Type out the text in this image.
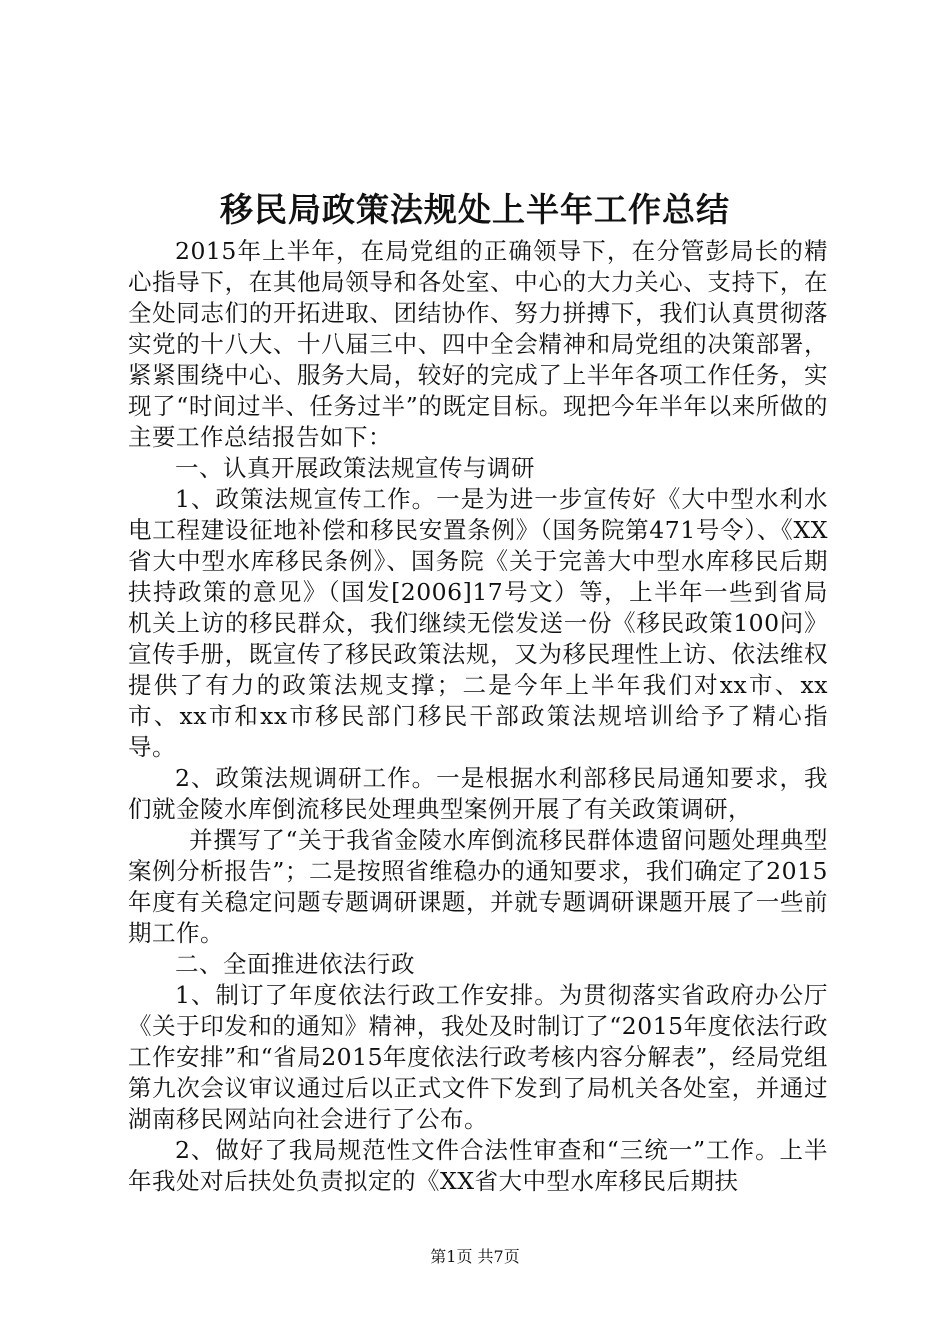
移民局政策法规处上半年工作总结

2015年上半年，在局党组的正确领导下，在分管彭局长的精心指导下，在其他局领导和各处室、中心的大力关心、支持下，在全处同志们的开拓进取、团结协作、努力拼搏下，我们认真贯彻落实党的十八大、十八届三中、四中全会精神和局党组的决策部署，紧紧围绕中心、服务大局，较好的完成了上半年各项工作任务，实现了“时间过半、任务过半”的既定目标。现把今年半年以来所做的主要工作总结报告如下：

一、认真开展政策法规宣传与调研

1、政策法规宣传工作。一是为进一步宣传好《大中型水利水电工程建设征地补偿和移民安置条例》（国务院第471号令）、《XX省大中型水库移民条例》、国务院《关于完善大中型水库移民后期扶持政策的意见》（国发[2006]17号文）等，上半年一些到省局机关上访的移民群众，我们继续无偿发送一份《移民政策100问》宣传手册，既宣传了移民政策法规，又为移民理性上访、依法维权提供了有力的政策法规支撑；二是今年上半年我们对xx市、xx市、xx市和xx市移民部门移民干部政策法规培训给予了精心指导。

2、政策法规调研工作。一是根据水利部移民局通知要求，我们就金陵水库倒流移民处理典型案例开展了有关政策调研，

并撰写了“关于我省金陵水库倒流移民群体遗留问题处理典型案例分析报告”；二是按照省维稳办的通知要求，我们确定了2015年度有关稳定问题专题调研课题，并就专题调研课题开展了一些前期工作。

二、全面推进依法行政

1、制订了年度依法行政工作安排。为贯彻落实省政府办公厅《关于印发和的通知》精神，我处及时制订了“2015年度依法行政工作安排”和“省局2015年度依法行政考核内容分解表”，经局党组第九次会议审议通过后以正式文件下发到了局机关各处室，并通过湖南移民网站向社会进行了公布。

2、做好了我局规范性文件合法性审查和“三统一”工作。上半年我处对后扶处负责拟定的《XX省大中型水库移民后期扶

第1页 共7页
